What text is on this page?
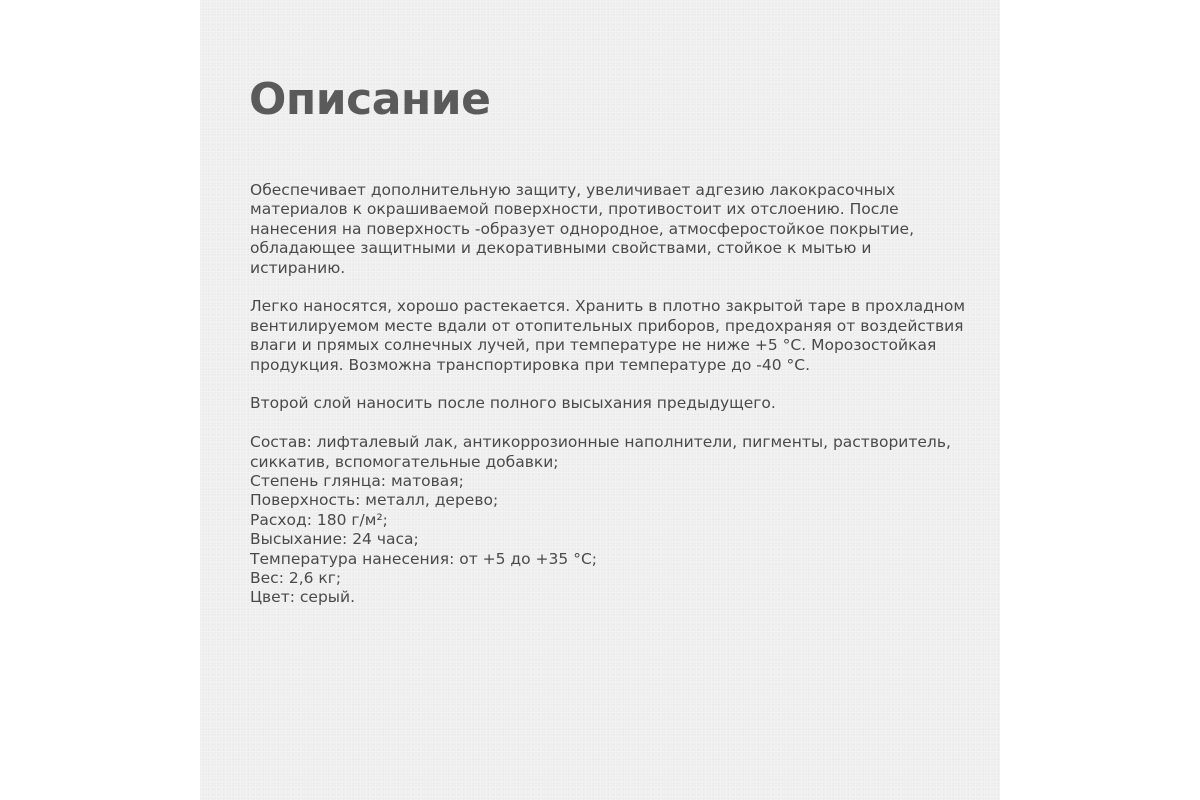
Описание

Обеспечивает дополнительную защиту, увеличивает адгезию лакокрасочных материалов к окрашиваемой поверхности, противостоит их отслоению. После нанесения на поверхность -образует однородное, атмосферостойкое покрытие, обладающее защитными и декоративными свойствами, стойкое к мытью и истиранию.

Легко наносятся, хорошо растекается. Хранить в плотно закрытой таре в прохладном вентилируемом месте вдали от отопительных приборов, предохраняя от воздействия влаги и прямых солнечных лучей, при температуре не ниже +5 °С. Морозостойкая продукция. Возможна транспортировка при температуре до -40 °С.

Второй слой наносить после полного высыхания предыдущего.

Состав: лифталевый лак, антикоррозионные наполнители, пигменты, растворитель, сиккатив, вспомогательные добавки;
Степень глянца: матовая;
Поверхность: металл, дерево;
Расход: 180 г/м²;
Высыхание: 24 часа;
Температура нанесения: от +5 до +35 °С;
Вес: 2,6 кг;
Цвет: серый.
